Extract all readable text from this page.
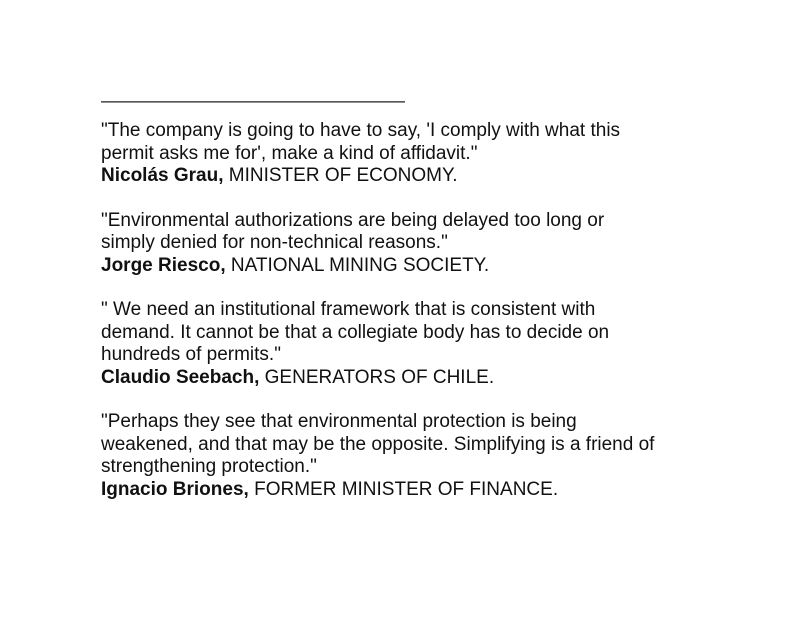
————————————————
"The company is going to have to say, 'I comply with what this
permit asks me for', make a kind of affidavit."
Nicolás Grau, MINISTER OF ECONOMY.
"Environmental authorizations are being delayed too long or
simply denied for non-technical reasons."
Jorge Riesco, NATIONAL MINING SOCIETY.
" We need an institutional framework that is consistent with
demand. It cannot be that a collegiate body has to decide on
hundreds of permits."
Claudio Seebach, GENERATORS OF CHILE.
"Perhaps they see that environmental protection is being
weakened, and that may be the opposite. Simplifying is a friend of
strengthening protection."
Ignacio Briones, FORMER MINISTER OF FINANCE.
